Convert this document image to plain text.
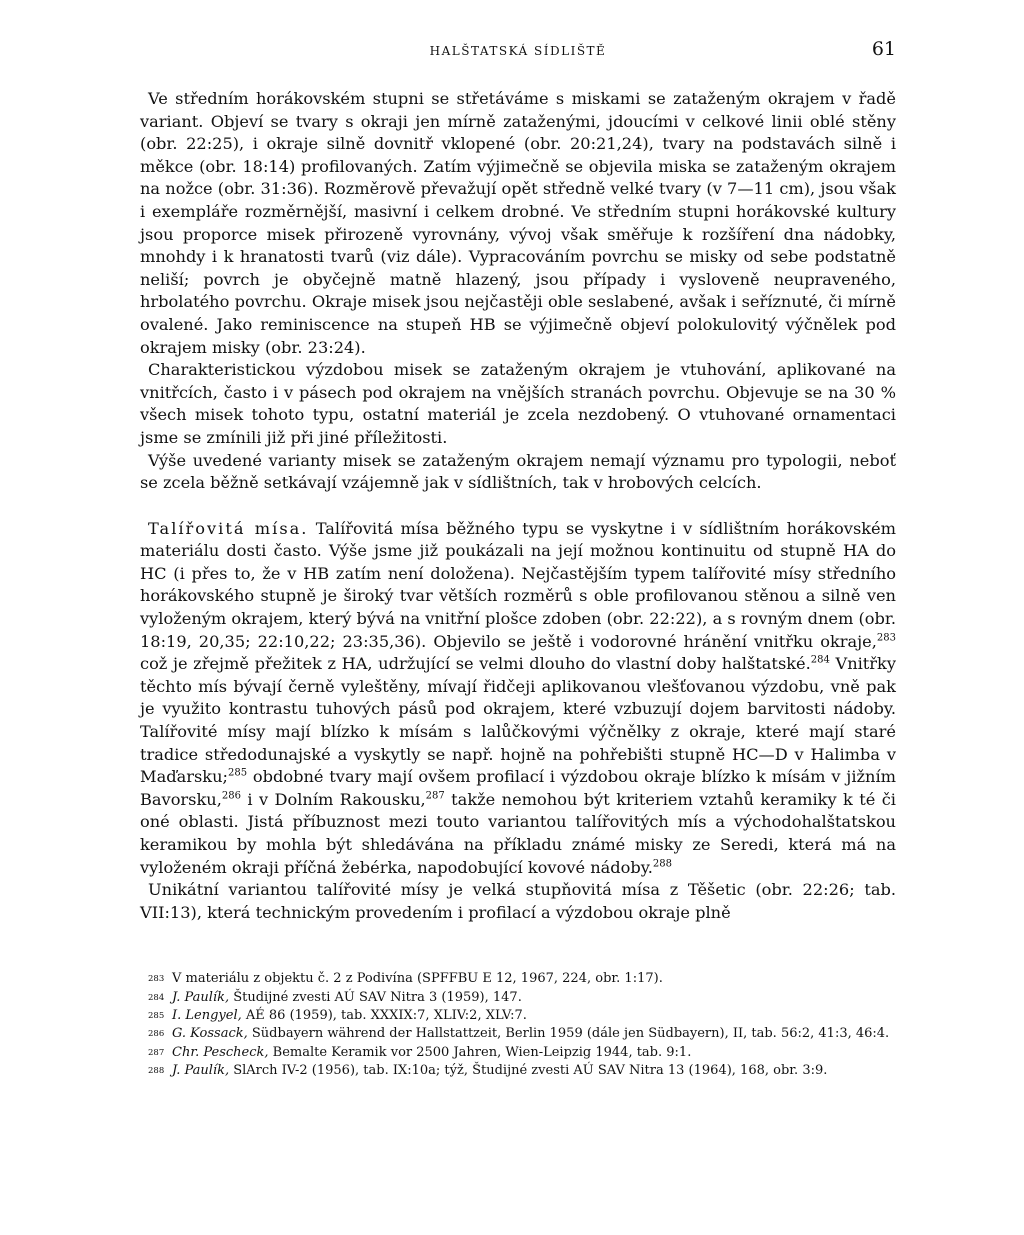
HALŠTATSKÁ SÍDLIŠTĚ	61

Ve středním horákovském stupni se střetáváme s miskami se zataženým okrajem v řadě variant. Objeví se tvary s okraji jen mírně zataženými, jdoucími v celkové linii oblé stěny (obr. 22:25), i okraje silně dovnitř vklopené (obr. 20:21,24), tvary na podstavách silně i měkce (obr. 18:14) profilovaných. Zatím výjimečně se objevila miska se zataženým okrajem na nožce (obr. 31:36). Rozměrově převažují opět středně velké tvary (v 7—11 cm), jsou však i exempláře rozměrnější, masivní i celkem drobné. Ve středním stupni horákovské kultury jsou proporce misek přirozeně vyrovnány, vývoj však směřuje k rozšíření dna nádobky, mnohdy i k hranatosti tvarů (viz dále). Vypracováním povrchu se misky od sebe podstatně neliší; povrch je obyčejně matně hlazený, jsou případy i vysloveně neupraveného, hrbolatého povrchu. Okraje misek jsou nejčastěji oble seslabené, avšak i seříznuté, či mírně ovalené. Jako reminiscence na stupeň HB se výjimečně objeví polokulovitý výčnělek pod okrajem misky (obr. 23:24).

Charakteristickou výzdobou misek se zataženým okrajem je vtuhování, aplikované na vnitřcích, často i v pásech pod okrajem na vnějších stranách povrchu. Objevuje se na 30 % všech misek tohoto typu, ostatní materiál je zcela nezdobený. O vtuhované ornamentaci jsme se zmínili již při jiné příležitosti.

Výše uvedené varianty misek se zataženým okrajem nemají významu pro typologii, neboť se zcela běžně setkávají vzájemně jak v sídlištních, tak v hrobových celcích.

Talířovitá mísa. Talířovitá mísa běžného typu se vyskytne i v sídlištním horákovském materiálu dosti často. Výše jsme již poukázali na její možnou kontinuitu od stupně HA do HC (i přes to, že v HB zatím není doložena). Nejčastějším typem talířovité mísy středního horákovského stupně je široký tvar větších rozměrů s oble profilovanou stěnou a silně ven vyloženým okrajem, který bývá na vnitřní plošce zdoben (obr. 22:22), a s rovným dnem (obr. 18:19, 20,35; 22:10,22; 23:35,36). Objevilo se ještě i vodorovné hránění vnitřku okraje,$^{283}$ což je zřejmě přežitek z HA, udržující se velmi dlouho do vlastní doby halštatské.$^{284}$ Vnitřky těchto mís bývají černě vyleštěny, mívají řidčeji aplikovanou vlešťovanou výzdobu, vně pak je využito kontrastu tuhových pásů pod okrajem, které vzbuzují dojem barvitosti nádoby. Talířovité mísy mají blízko k mísám s lalůčkovými výčnělky z okraje, které mají staré tradice středodunajské a vyskytly se např. hojně na pohřebišti stupně HC—D v Halimba v Maďarsku;$^{285}$ obdobné tvary mají ovšem profilací i výzdobou okraje blízko k mísám v jižním Bavorsku,$^{286}$ i v Dolním Rakousku,$^{287}$ takže nemohou být kriteriem vztahů keramiky k té či oné oblasti. Jistá příbuznost mezi touto variantou talířovitých mís a východohalštatskou keramikou by mohla být shledávána na příkladu známé misky ze Seredi, která má na vyloženém okraji příčná žebérka, napodobující kovové nádoby.$^{288}$

Unikátní variantou talířovité mísy je velká stupňovitá mísa z Těšetic (obr. 22:26; tab. VII:13), která technickým provedením i profilací a výzdobou okraje plně

283 V materiálu z objektu č. 2 z Podivína (SPFFBU E 12, 1967, 224, obr. 1:17).
284 J. Paulík, Študijné zvesti AÚ SAV Nitra 3 (1959), 147.
285 I. Lengyel, AÉ 86 (1959), tab. XXXIX:7, XLIV:2, XLV:7.
286 G. Kossack, Südbayern während der Hallstattzeit, Berlin 1959 (dále jen Südbayern), II, tab. 56:2, 41:3, 46:4.
287 Chr. Pescheck, Bemalte Keramik vor 2500 Jahren, Wien-Leipzig 1944, tab. 9:1.
288 J. Paulík, SlArch IV-2 (1956), tab. IX:10a; týž, Študijné zvesti AÚ SAV Nitra 13 (1964), 168, obr. 3:9.
